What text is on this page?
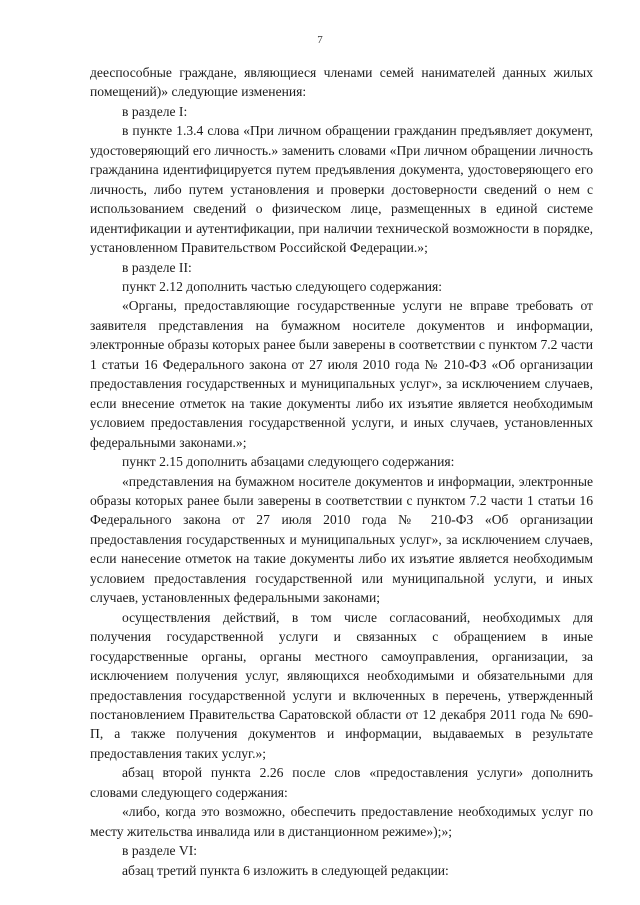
7

дееспособные граждане, являющиеся членами семей нанимателей данных жилых помещений)» следующие изменения:

в разделе I:

в пункте 1.3.4 слова «При личном обращении гражданин предъявляет документ, удостоверяющий его личность.» заменить словами «При личном обращении личность гражданина идентифицируется путем предъявления документа, удостоверяющего его личность, либо путем установления и проверки достоверности сведений о нем с использованием сведений о физическом лице, размещенных в единой системе идентификации и аутентификации, при наличии технической возможности в порядке, установленном Правительством Российской Федерации.»;

в разделе II:

пункт 2.12 дополнить частью следующего содержания:

«Органы, предоставляющие государственные услуги не вправе требовать от заявителя представления на бумажном носителе документов и информации, электронные образы которых ранее были заверены в соответствии с пунктом 7.2 части 1 статьи 16 Федерального закона от 27 июля 2010 года № 210-ФЗ «Об организации предоставления государственных и муниципальных услуг», за исключением случаев, если внесение отметок на такие документы либо их изъятие является необходимым условием предоставления государственной услуги, и иных случаев, установленных федеральными законами.»;

пункт 2.15 дополнить абзацами следующего содержания:

«представления на бумажном носителе документов и информации, электронные образы которых ранее были заверены в соответствии с пунктом 7.2 части 1 статьи 16 Федерального закона от 27 июля 2010 года № 210-ФЗ «Об организации предоставления государственных и муниципальных услуг», за исключением случаев, если нанесение отметок на такие документы либо их изъятие является необходимым условием предоставления государственной или муниципальной услуги, и иных случаев, установленных федеральными законами;

осуществления действий, в том числе согласований, необходимых для получения государственной услуги и связанных с обращением в иные государственные органы, органы местного самоуправления, организации, за исключением получения услуг, являющихся необходимыми и обязательными для предоставления государственной услуги и включенных в перечень, утвержденный постановлением Правительства Саратовской области от 12 декабря 2011 года № 690-П, а также получения документов и информации, выдаваемых в результате предоставления таких услуг.»;

абзац второй пункта 2.26 после слов «предоставления услуги» дополнить словами следующего содержания:

«либо, когда это возможно, обеспечить предоставление необходимых услуг по месту жительства инвалида или в дистанционном режиме»);»;

в разделе VI:

абзац третий пункта 6 изложить в следующей редакции:
